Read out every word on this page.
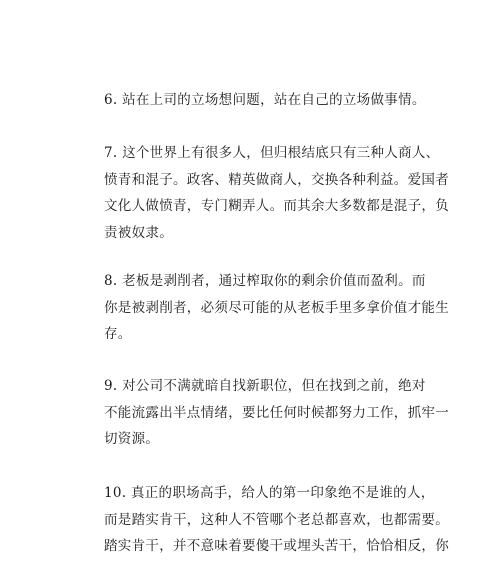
6. 站在上司的立场想问题，站在自己的立场做事情。
7. 这个世界上有很多人，但归根结底只有三种人商人、
愤青和混子。政客、精英做商人，交换各种利益。爱国者
文化人做愤青，专门糊弄人。而其余大多数都是混子，负
责被奴隶。
8. 老板是剥削者，通过榨取你的剩余价值而盈利。而
你是被剥削者，必须尽可能的从老板手里多拿价值才能生
存。
9. 对公司不满就暗自找新职位，但在找到之前，绝对
不能流露出半点情绪，要比任何时候都努力工作，抓牢一
切资源。
10. 真正的职场高手，给人的第一印象绝不是谁的人，
而是踏实肯干，这种人不管哪个老总都喜欢，也都需要。
踏实肯干，并不意味着要傻干或埋头苦干，恰恰相反，你
